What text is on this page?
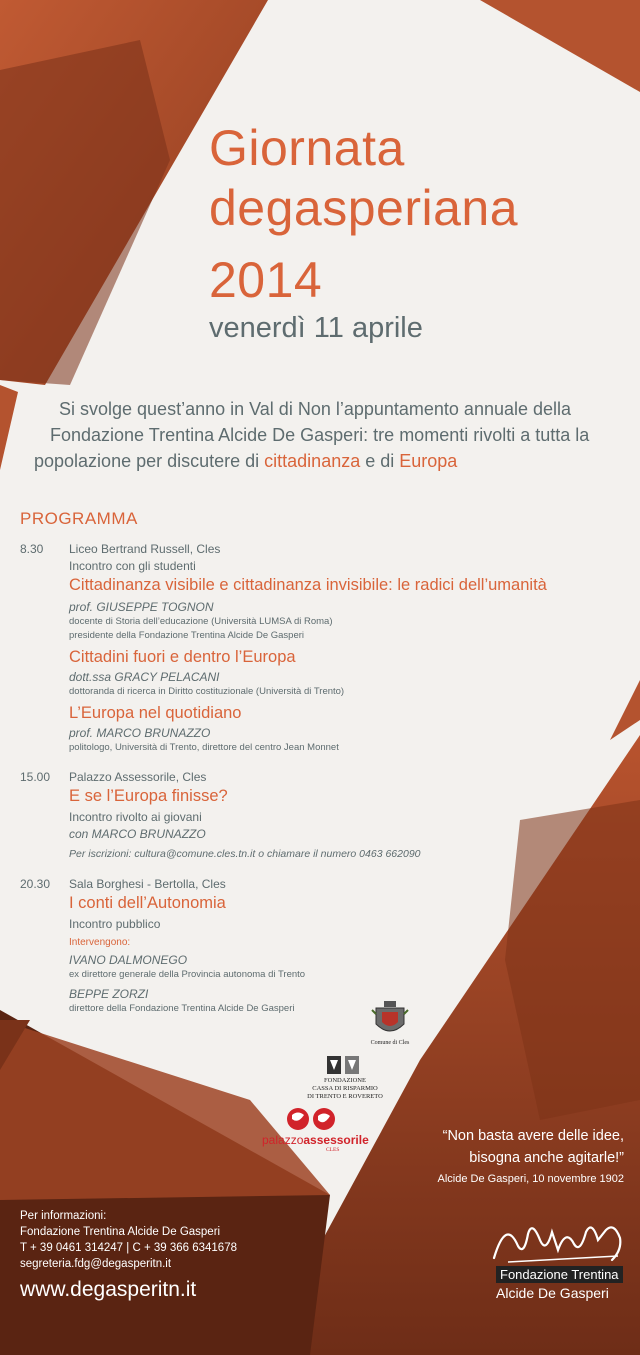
Giornata
degasperiana
2014
venerdì 11 aprile
Si svolge quest’anno in Val di Non l’appuntamento annuale della
Fondazione Trentina Alcide De Gasperi: tre momenti rivolti a tutta la
popolazione per discutere di cittadinanza e di Europa
PROGRAMMA
8.30 Liceo Bertrand Russell, Cles
Incontro con gli studenti
Cittadinanza visibile e cittadinanza invisibile: le radici dell’umanità
prof. GIUSEPPE TOGNON
docente di Storia dell’educazione (Università LUMSA di Roma)
presidente della Fondazione Trentina Alcide De Gasperi
Cittadini fuori e dentro l’Europa
dott.ssa GRACY PELACANI
dottoranda di ricerca in Diritto costituzionale (Università di Trento)
L’Europa nel quotidiano
prof. MARCO BRUNAZZO
politologo, Università di Trento, direttore del centro Jean Monnet
15.00 Palazzo Assessorile, Cles
E se l’Europa finisse?
Incontro rivolto ai giovani
con MARCO BRUNAZZO
Per iscrizioni: cultura@comune.cles.tn.it o chiamare il numero 0463 662090
20.30 Sala Borghesi - Bertolla, Cles
I conti dell’Autonomia
Incontro pubblico
Intervengono:
IVANO DALMONEGO
ex direttore generale della Provincia autonoma di Trento
BEPPE ZORZI
direttore della Fondazione Trentina Alcide De Gasperi
Comune di Cles
FONDAZIONE
CASSA DI RISPARMIO
DI TRENTO E ROVERETO
palazzoassessorile
CLES
“Non basta avere delle idee,
bisogna anche agitarle!”
Alcide De Gasperi, 10 novembre 1902
Per informazioni:
Fondazione Trentina Alcide De Gasperi
T + 39 0461 314247 | C + 39 366 6341678
segreteria.fdg@degasperitn.it
www.degasperitn.it
Fondazione Trentina
Alcide De Gasperi
